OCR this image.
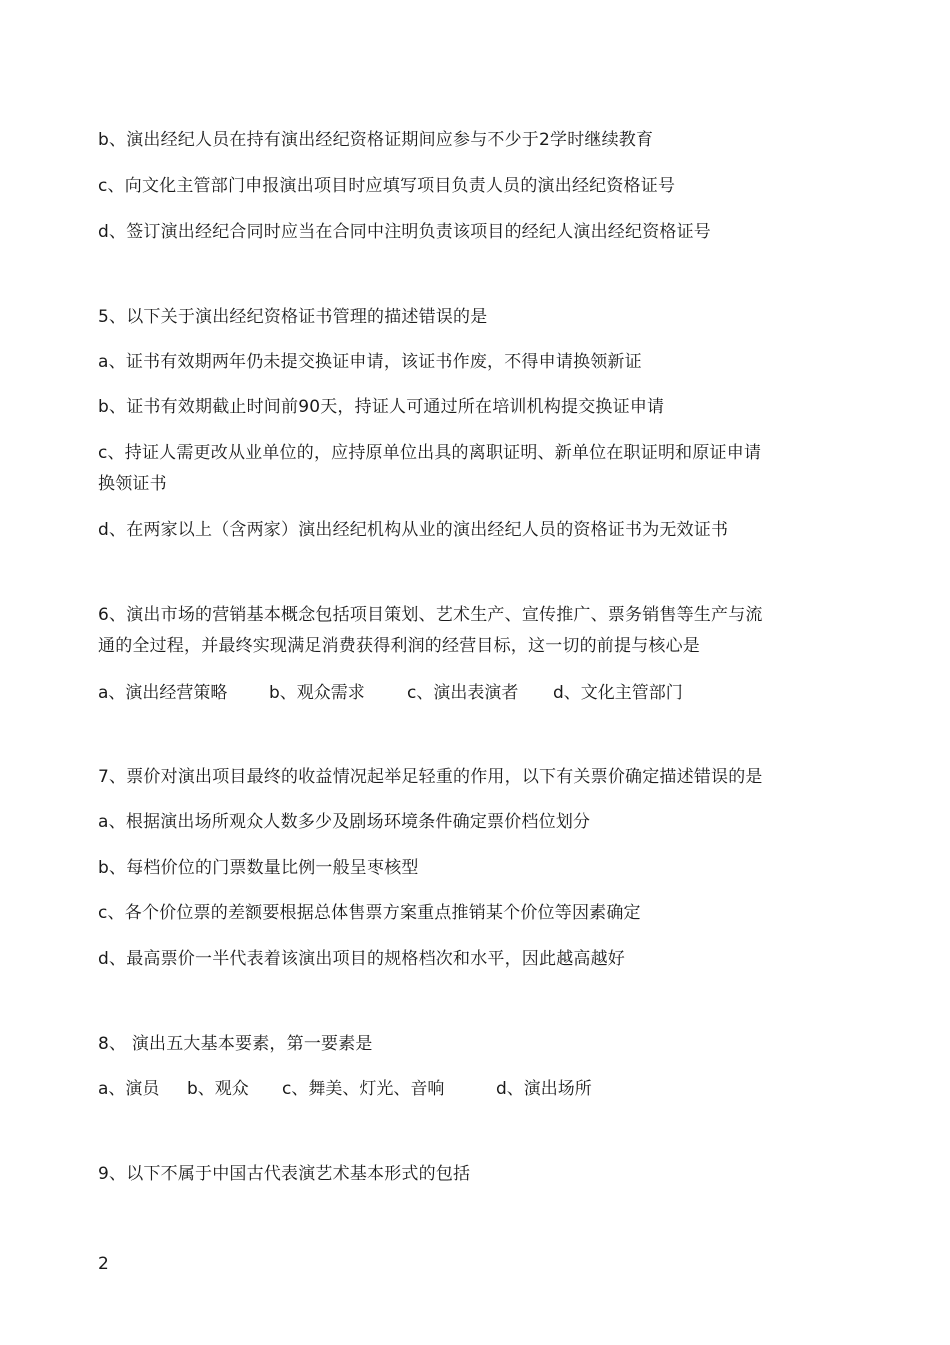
b、演出经纪人员在持有演出经纪资格证期间应参与不少于2学时继续教育
c、向文化主管部门申报演出项目时应填写项目负责人员的演出经纪资格证号
d、签订演出经纪合同时应当在合同中注明负责该项目的经纪人演出经纪资格证号
5、以下关于演出经纪资格证书管理的描述错误的是
a、证书有效期两年仍未提交换证申请，该证书作废，不得申请换领新证
b、证书有效期截止时间前90天，持证人可通过所在培训机构提交换证申请
c、持证人需更改从业单位的，应持原单位出具的离职证明、新单位在职证明和原证申请
换领证书
d、在两家以上（含两家）演出经纪机构从业的演出经纪人员的资格证书为无效证书
6、演出市场的营销基本概念包括项目策划、艺术生产、宣传推广、票务销售等生产与流
通的全过程，并最终实现满足消费获得利润的经营目标，这一切的前提与核心是
a、演出经营策略 b、观众需求 c、演出表演者 d、文化主管部门
7、票价对演出项目最终的收益情况起举足轻重的作用，以下有关票价确定描述错误的是
a、根据演出场所观众人数多少及剧场环境条件确定票价档位划分
b、每档价位的门票数量比例一般呈枣核型
c、各个价位票的差额要根据总体售票方案重点推销某个价位等因素确定
d、最高票价一半代表着该演出项目的规格档次和水平，因此越高越好
8、 演出五大基本要素，第一要素是
a、演员 b、观众 c、舞美、灯光、音响	d、演出场所
9、以下不属于中国古代表演艺术基本形式的包括
2
